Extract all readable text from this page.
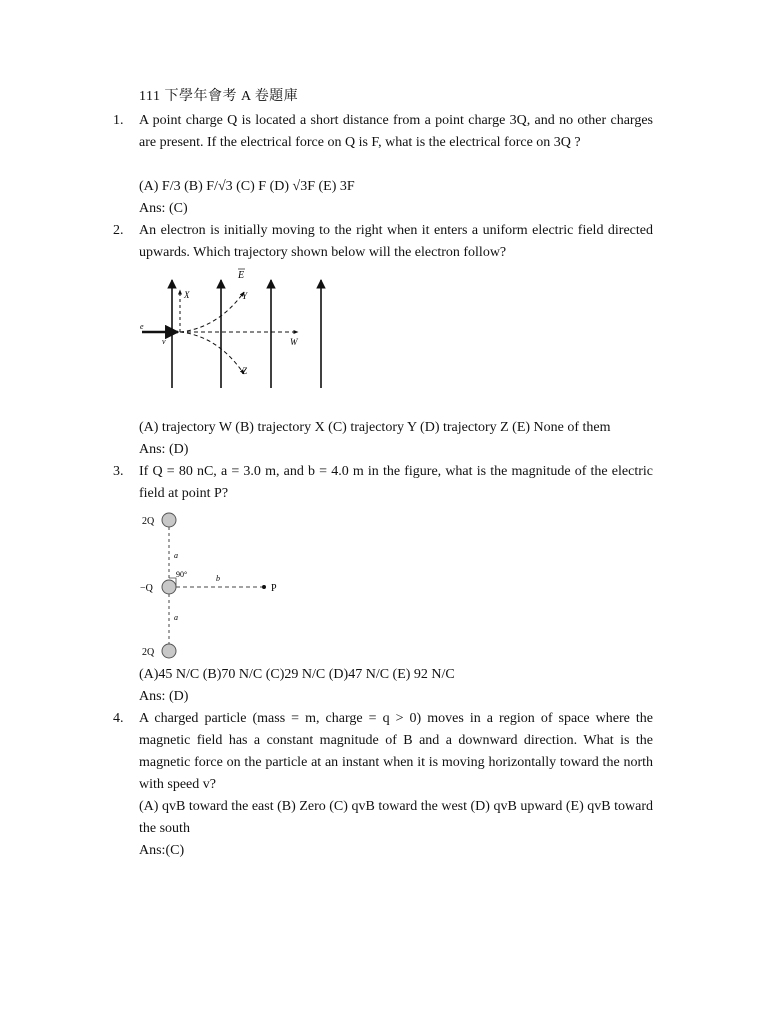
111 下學年會考 A 卷題庫
1. A point charge Q is located a short distance from a point charge 3Q, and no other charges are present. If the electrical force on Q is F, what is the electrical force on 3Q ?
(A) F/3 (B) F/√3 (C) F (D) √3F (E) 3F
Ans: (C)
2. An electron is initially moving to the right when it enters a uniform electric field directed upwards. Which trajectory shown below will the electron follow?
E
X	Y
W
Z
e
v
(A) trajectory W (B) trajectory X (C) trajectory Y (D) trajectory Z (E) None of them
Ans: (D)
3. If Q = 80 nC, a = 3.0 m, and b = 4.0 m in the figure, what is the magnitude of the electric field at point P?
2Q
−Q
2Q
a
a
b
90°
P
(A)45 N/C (B)70 N/C (C)29 N/C (D)47 N/C (E) 92 N/C
Ans: (D)
4. A charged particle (mass = m, charge = q > 0) moves in a region of space where the magnetic field has a constant magnitude of B and a downward direction. What is the magnetic force on the particle at an instant when it is moving horizontally toward the north with speed v?
(A) qvB toward the east (B) Zero (C) qvB toward the west (D) qvB upward (E) qvB toward the south
Ans:(C)
